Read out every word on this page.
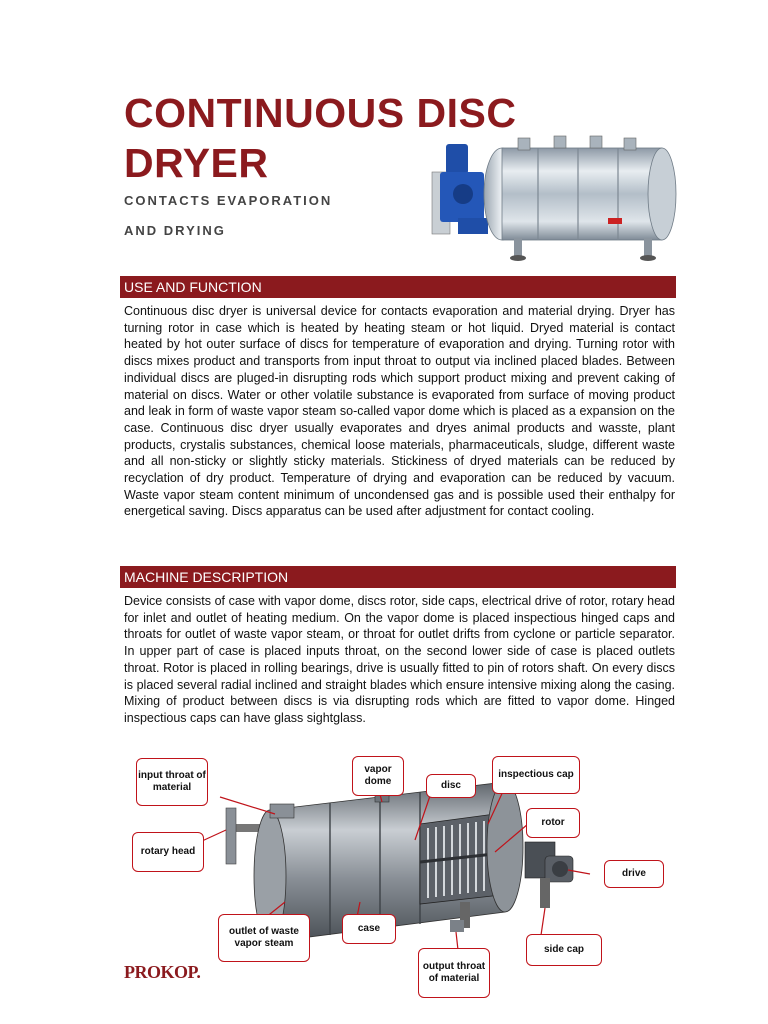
CONTINUOUS DISC
DRYER

CONTACTS EVAPORATION
AND DRYING

USE AND FUNCTION

Continuous disc dryer is universal device for contacts evaporation and material drying. Dryer has turning rotor in case which is heated by heating steam or hot liquid. Dryed material is contact heated by hot outer surface of discs for temperature of evaporation and drying. Turning rotor with discs mixes product and transports from input throat to output via inclined placed blades. Between individual discs are pluged-in disrupting rods which support product mixing and prevent caking of material on discs. Water or other volatile substance is evaporated from surface of moving product and leak in form of waste vapor steam so-called vapor dome which is placed as a expansion on the case. Continuous disc dryer usually evaporates and dryes animal products and wasste, plant products, crystalis substances, chemical loose materials, pharmaceuticals, sludge, different waste and all non-sticky or slightly sticky materials. Stickiness of dryed materials can be reduced by recyclation of dry product. Temperature of drying and evaporation can be reduced by vacuum. Waste vapor steam content minimum of uncondensed gas and is possible used their enthalpy for energetical saving. Discs apparatus can be used after adjustment for contact cooling.

MACHINE DESCRIPTION

Device consists of case with vapor dome, discs rotor, side caps, electrical drive of rotor, rotary head for inlet and outlet of heating medium. On the vapor dome is placed inspectious hinged caps and throats for outlet of waste vapor steam, or throat for outlet drifts from cyclone or particle separator. In upper part of case is placed inputs throat, on the second lower side of case is placed outlets throat. Rotor is placed in rolling bearings, drive is usually fitted to pin of rotors shaft. On every discs is placed several radial inclined and straight blades which ensure intensive mixing along the casing. Mixing of product between discs is via disrupting rods which are fitted to vapor dome. Hinged inspectious caps can have glass sightglass.

input throat of material
vapor dome	disc
inspectious cap
rotor
rotary head
drive
outlet of waste vapor steam
case
side cap
output throat of material
PROKOP.
